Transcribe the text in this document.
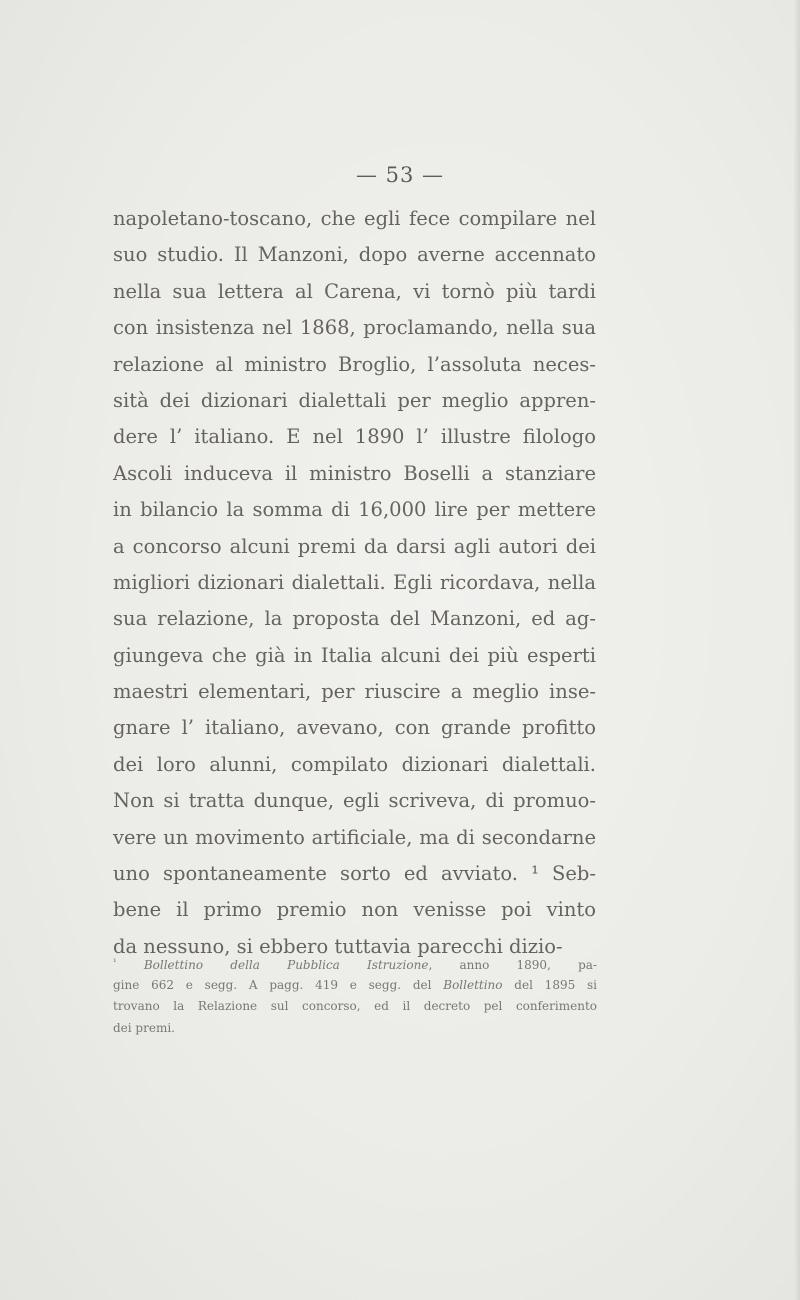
— 53 —
napoletano-toscano, che egli fece compilare nel
suo studio. Il Manzoni, dopo averne accennato
nella sua lettera al Carena, vi tornò più tardi
con insistenza nel 1868, proclamando, nella sua
relazione al ministro Broglio, l’assoluta neces-
sità dei dizionari dialettali per meglio appren-
dere l’ italiano. E nel 1890 l’ illustre filologo
Ascoli induceva il ministro Boselli a stanziare
in bilancio la somma di 16,000 lire per mettere
a concorso alcuni premi da darsi agli autori dei
migliori dizionari dialettali. Egli ricordava, nella
sua relazione, la proposta del Manzoni, ed ag-
giungeva che già in Italia alcuni dei più esperti
maestri elementari, per riuscire a meglio inse-
gnare l’ italiano, avevano, con grande profitto
dei loro alunni, compilato dizionari dialettali.
Non si tratta dunque, egli scriveva, di promuo-
vere un movimento artificiale, ma di secondarne
uno spontaneamente sorto ed avviato. ¹ Seb-
bene il primo premio non venisse poi vinto
da nessuno, si ebbero tuttavia parecchi dizio-
$^{^1}$ Bollettino della Pubblica Istruzione, anno 1890, pa-
gine 662 e segg. A pagg. 419 e segg. del Bollettino del 1895 si
trovano la Relazione sul concorso, ed il decreto pel conferimento
dei premi.
